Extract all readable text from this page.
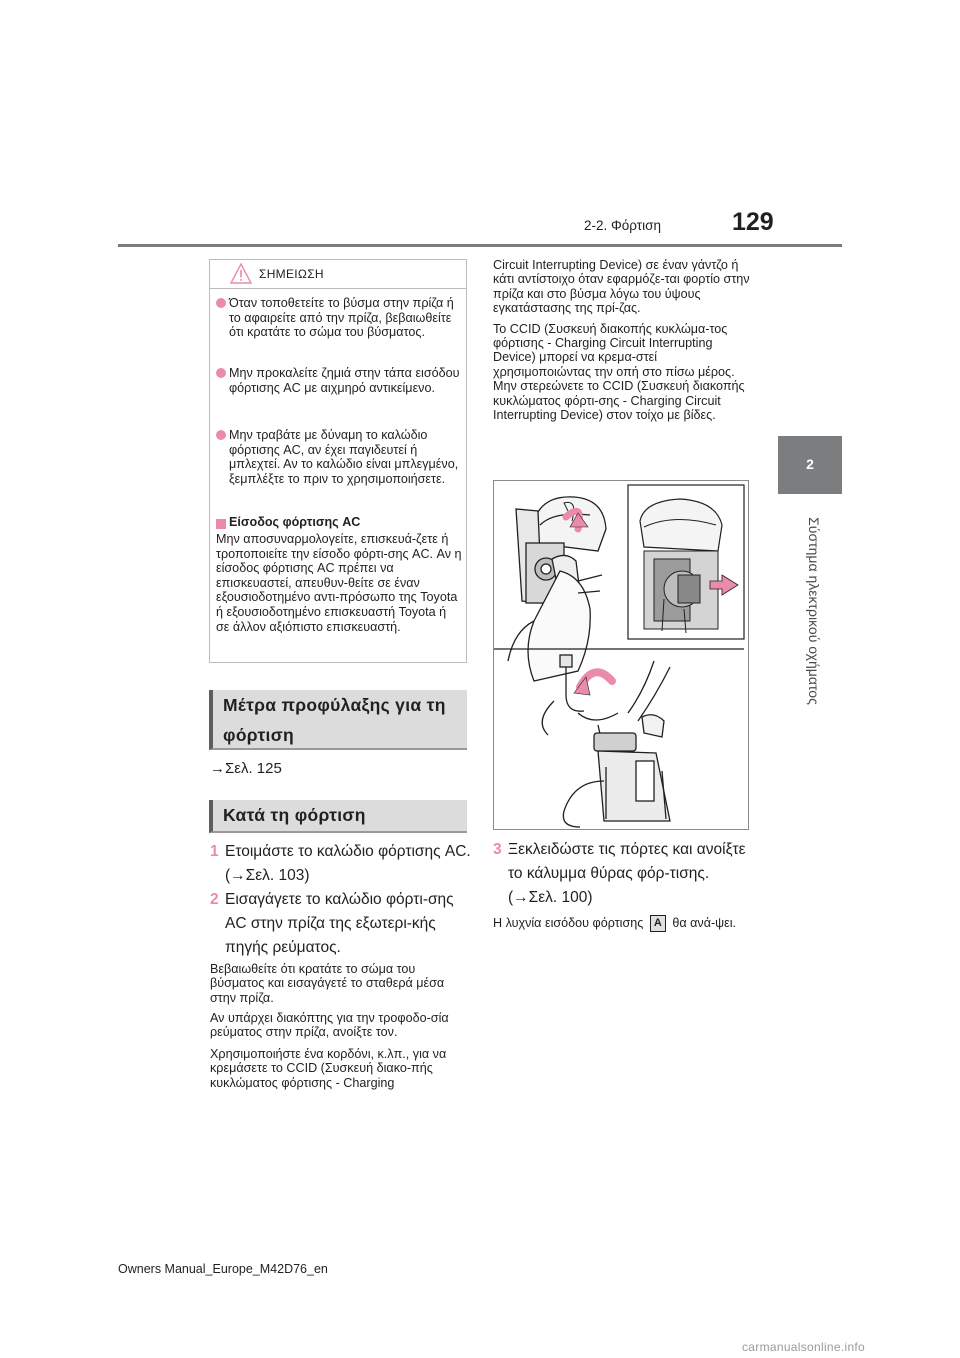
2-2. Φόρτιση	129
2
Σύστημα ηλεκτρικού οχήματος
ΣΗΜΕΙΩΣΗ
Όταν τοποθετείτε το βύσμα στην πρίζα ή το αφαιρείτε από την πρίζα, βεβαιωθείτε ότι κρατάτε το σώμα του βύσματος.
Μην προκαλείτε ζημιά στην τάπα εισόδου φόρτισης AC με αιχμηρό αντικείμενο.
Μην τραβάτε με δύναμη το καλώδιο φόρτισης AC, αν έχει παγιδευτεί ή μπλεχτεί. Αν το καλώδιο είναι μπλεγμένο, ξεμπλέξτε το πριν το χρησιμοποιήσετε.
Είσοδος φόρτισης AC
Μην αποσυναρμολογείτε, επισκευά-ζετε ή τροποποιείτε την είσοδο φόρτι-σης AC. Αν η είσοδος φόρτισης AC πρέπει να επισκευαστεί, απευθυν-θείτε σε έναν εξουσιοδοτημένο αντι-πρόσωπο της Toyota ή εξουσιοδοτημένο επισκευαστή Toyota ή σε άλλον αξιόπιστο επισκευαστή.
Μέτρα προφύλαξης για τη φόρτιση
→Σελ. 125
Κατά τη φόρτιση
1 Ετοιμάστε το καλώδιο φόρτισης AC. (→Σελ. 103)
2 Εισαγάγετε το καλώδιο φόρτι-σης AC στην πρίζα της εξωτερι-κής πηγής ρεύματος.
Βεβαιωθείτε ότι κρατάτε το σώμα του βύσματος και εισαγάγετέ το σταθερά μέσα στην πρίζα.
Αν υπάρχει διακόπτης για την τροφοδο-σία ρεύματος στην πρίζα, ανοίξτε τον.
Χρησιμοποιήστε ένα κορδόνι, κ.λπ., για να κρεμάσετε το CCID (Συσκευή διακο-πής κυκλώματος φόρτισης - Charging

Circuit Interrupting Device) σε έναν γάντζο ή κάτι αντίστοιχο όταν εφαρμόζε-ται φορτίο στην πρίζα και στο βύσμα λόγω του ύψους εγκατάστασης της πρί-ζας.

Το CCID (Συσκευή διακοπής κυκλώμα-τος φόρτισης - Charging Circuit Interrupting Device) μπορεί να κρεμα-στεί χρησιμοποιώντας την οπή στο πίσω μέρος. Μην στερεώνετε το CCID (Συσκευή διακοπής κυκλώματος φόρτι-σης - Charging Circuit Interrupting Device) στον τοίχο με βίδες.

3 Ξεκλειδώστε τις πόρτες και ανοίξτε το κάλυμμα θύρας φόρ-τισης. (→Σελ. 100)
Η λυχνία εισόδου φόρτισης A θα ανά-ψει.
Owners Manual_Europe_M42D76_en
carmanualsonline.info
